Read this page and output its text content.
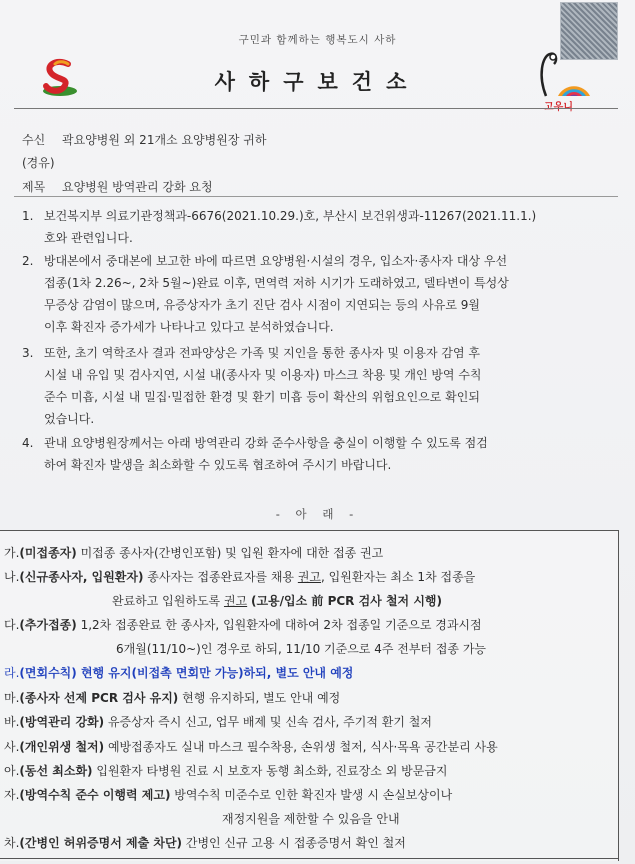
구민과 함께하는 행복도시 사하
사하구보건소
고우니
수신 곽요양병원 외 21개소 요양병원장 귀하
(경유)
제목 요양병원 방역관리 강화 요청
1. 보건복지부 의료기관정책과-6676(2021.10.29.)호, 부산시 보건위생과-11267(2021.11.1.)
호와 관련입니다.
2. 방대본에서 중대본에 보고한 바에 따르면 요양병원·시설의 경우, 입소자·종사자 대상 우선
접종(1차 2.26~, 2차 5월~)완료 이후, 면역력 저하 시기가 도래하였고, 델타변이 특성상
무증상 감염이 많으며, 유증상자가 초기 진단 검사 시점이 지연되는 등의 사유로 9월
이후 확진자 증가세가 나타나고 있다고 분석하였습니다.
3. 또한, 초기 역학조사 결과 전파양상은 가족 및 지인을 통한 종사자 및 이용자 감염 후
시설 내 유입 및 검사지연, 시설 내(종사자 및 이용자) 마스크 착용 및 개인 방역 수칙
준수 미흡, 시설 내 밀집·밀접한 환경 및 환기 미흡 등이 확산의 위험요인으로 확인되
었습니다.
4. 관내 요양병원장께서는 아래 방역관리 강화 준수사항을 충실이 이행할 수 있도록 점검
하여 확진자 발생을 최소화할 수 있도록 협조하여 주시기 바랍니다.
- 아 래 -
가.(미접종자) 미접종 종사자(간병인포함) 및 입원 환자에 대한 접종 권고
나.(신규종사자, 입원환자) 종사자는 접종완료자를 채용 권고, 입원환자는 최소 1차 접종을
완료하고 입원하도록 권고 (고용/입소 前 PCR 검사 철저 시행)
다.(추가접종) 1,2차 접종완료 한 종사자, 입원환자에 대하여 2차 접종일 기준으로 경과시점
6개월(11/10~)인 경우로 하되, 11/10 기준으로 4주 전부터 접종 가능
라.(면회수칙) 현행 유지(비접촉 면회만 가능)하되, 별도 안내 예정
마.(종사자 선제 PCR 검사 유지) 현행 유지하되, 별도 안내 예정
바.(방역관리 강화) 유증상자 즉시 신고, 업무 배제 및 신속 검사, 주기적 환기 철저
사.(개인위생 철저) 예방접종자도 실내 마스크 필수착용, 손위생 철저, 식사·목욕 공간분리 사용
아.(동선 최소화) 입원환자 타병원 진료 시 보호자 동행 최소화, 진료장소 외 방문금지
자.(방역수칙 준수 이행력 제고) 방역수칙 미준수로 인한 확진자 발생 시 손실보상이나
재정지원을 제한할 수 있음을 안내
차.(간병인 허위증명서 제출 차단) 간병인 신규 고용 시 접종증명서 확인 철저
